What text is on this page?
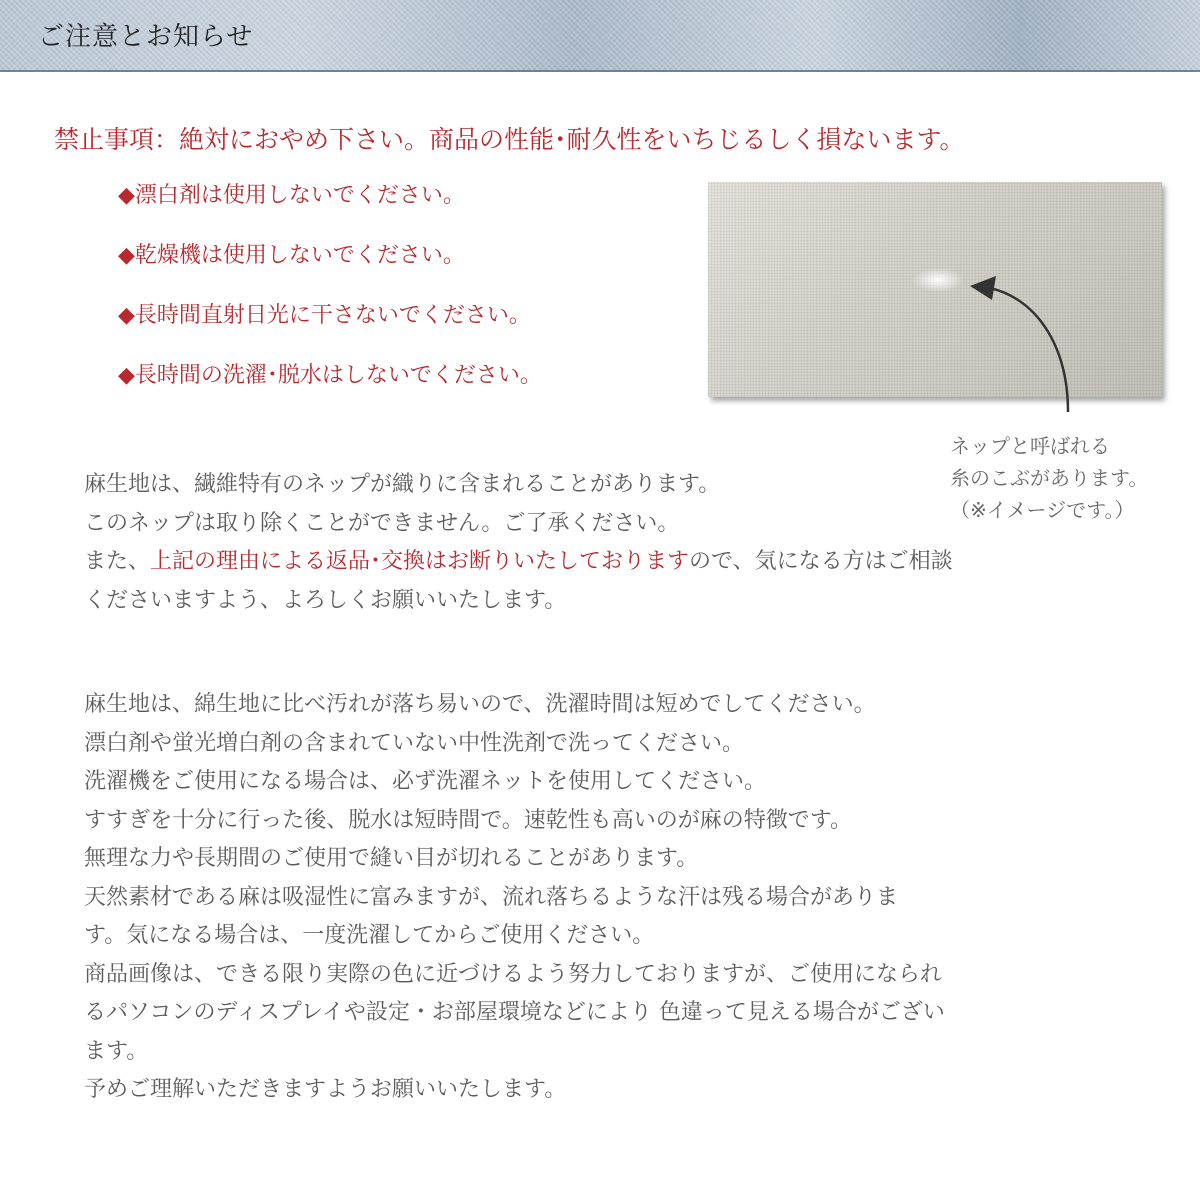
ご注意とお知らせ
禁止事項：絶対におやめ下さい。商品の性能･耐久性をいちじるしく損ないます。
◆漂白剤は使用しないでください。
◆乾燥機は使用しないでください。
◆長時間直射日光に干さないでください。
◆長時間の洗濯･脱水はしないでください。
ネップと呼ばれる
糸のこぶがあります。
（※イメージです。）
麻生地は、繊維特有のネップが織りに含まれることがあります。
このネップは取り除くことができません。ご了承ください。
また、上記の理由による返品･交換はお断りいたしておりますので、気になる方はご相談
くださいますよう、よろしくお願いいたします。
麻生地は、綿生地に比べ汚れが落ち易いので、洗濯時間は短めでしてください。
漂白剤や蛍光増白剤の含まれていない中性洗剤で洗ってください。
洗濯機をご使用になる場合は、必ず洗濯ネットを使用してください。
すすぎを十分に行った後、脱水は短時間で。速乾性も高いのが麻の特徴です。
無理な力や長期間のご使用で縫い目が切れることがあります。
天然素材である麻は吸湿性に富みますが、流れ落ちるような汗は残る場合がありま
す。気になる場合は、一度洗濯してからご使用ください。
商品画像は、できる限り実際の色に近づけるよう努力しておりますが、ご使用になられ
るパソコンのディスプレイや設定・お部屋環境などにより 色違って見える場合がござい
ます。
予めご理解いただきますようお願いいたします。
